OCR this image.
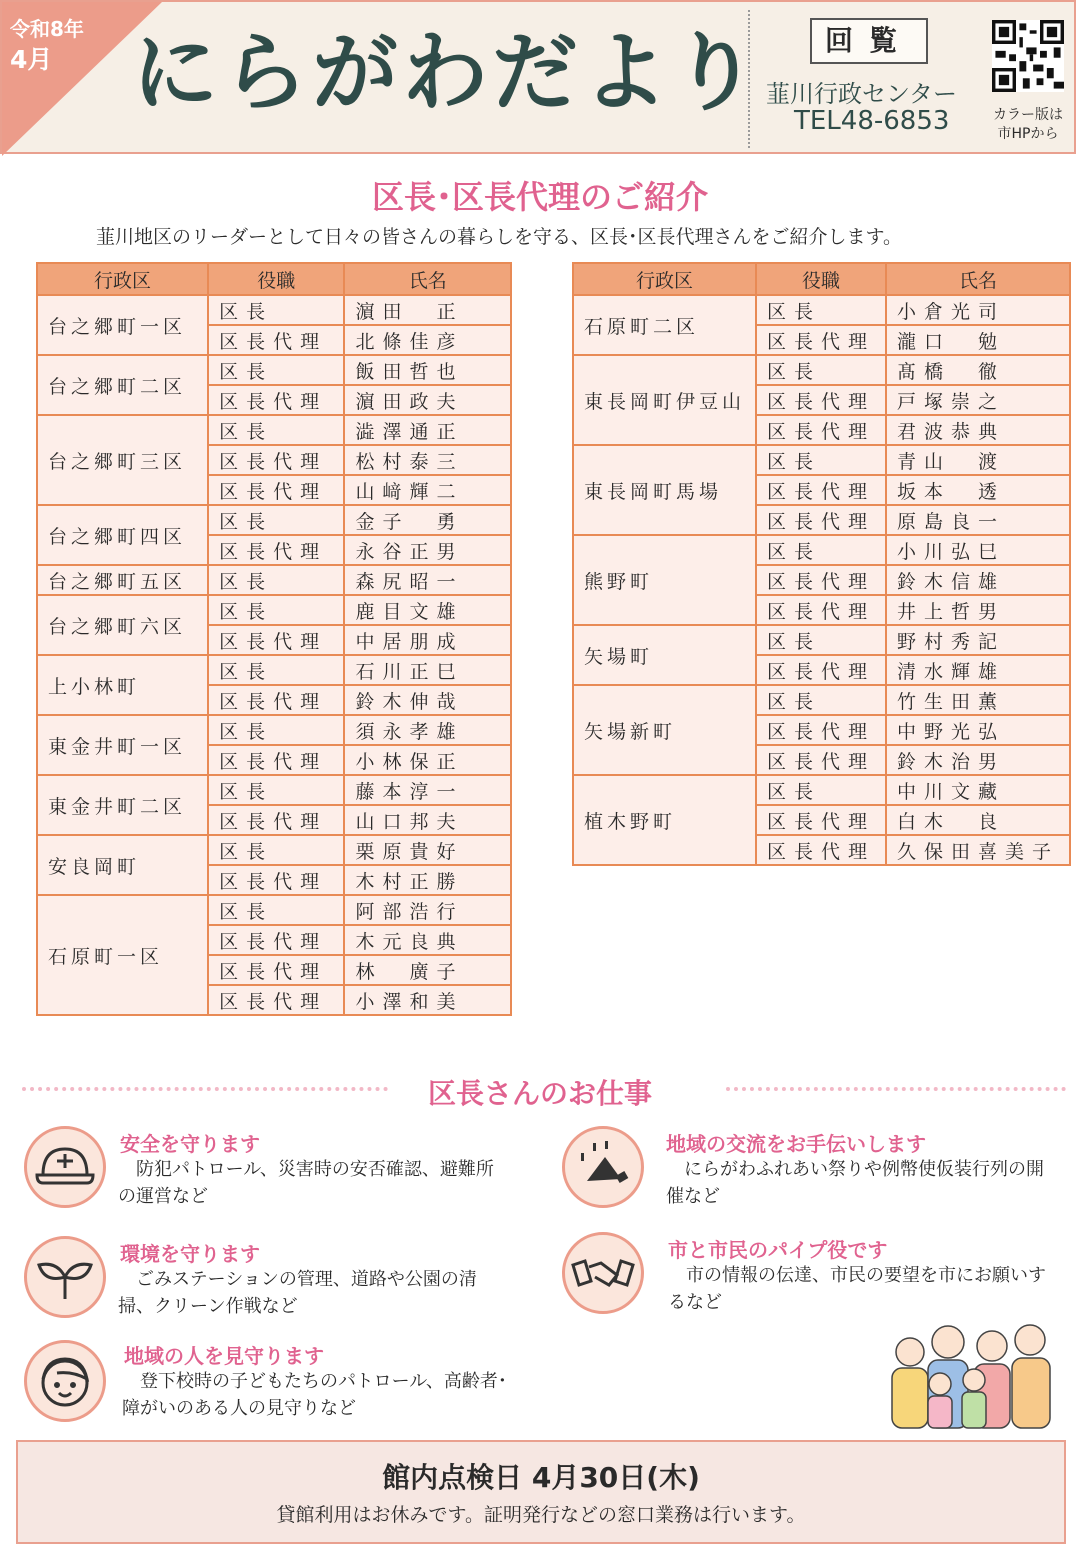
令和8年
4月 にらがわだより	回覧
韮川行政センター
TEL48-6853	カラー版は
市HPから
区長･区長代理のご紹介
韮川地区のリーダーとして日々の皆さんの暮らしを守る、区長･区長代理さんをご紹介します。
行政区	役職	氏名
台之郷町一区	区長	濵田　正
	区長代理	北條佳彦
台之郷町二区	区長	飯田哲也
	区長代理	濵田政夫
台之郷町三区	区長	澁澤通正
	区長代理	松村泰三
	区長代理	山﨑輝二
台之郷町四区	区長	金子　勇
	区長代理	永谷正男
台之郷町五区	区長	森尻昭一
台之郷町六区	区長	鹿目文雄
	区長代理	中居朋成
上小林町	区長	石川正巳
	区長代理	鈴木伸哉
東金井町一区	区長	須永孝雄
	区長代理	小林保正
東金井町二区	区長	藤本淳一
	区長代理	山口邦夫
安良岡町	区長	栗原貴好
	区長代理	木村正勝
石原町一区	区長	阿部浩行
	区長代理	木元良典
	区長代理	林　廣子
	区長代理	小澤和美
行政区	役職	氏名
石原町二区	区長	小倉光司
	区長代理	瀧口　勉
東長岡町伊豆山	区長	髙橋　徹
	区長代理	戸塚崇之
	区長代理	君波恭典
東長岡町馬場	区長	青山　渡
	区長代理	坂本　透
	区長代理	原島良一
熊野町	区長	小川弘巳
	区長代理	鈴木信雄
	区長代理	井上哲男
矢場町	区長	野村秀記
	区長代理	清水輝雄
矢場新町	区長	竹生田薫
	区長代理	中野光弘
	区長代理	鈴木治男
植木野町	区長	中川文藏
	区長代理	白木　良
	区長代理	久保田喜美子
区長さんのお仕事
安全を守ります
　防犯パトロール、災害時の安否確認、避難所の運営など
地域の交流をお手伝いします
　にらがわふれあい祭りや例幣使仮装行列の開催など
環境を守ります
　ごみステーションの管理、道路や公園の清掃、クリーン作戦など
市と市民のパイプ役です
　市の情報の伝達、市民の要望を市にお願いするなど
地域の人を見守ります
　登下校時の子どもたちのパトロール、高齢者･障がいのある人の見守りなど
館内点検日 4月30日(木)
貸館利用はお休みです。証明発行などの窓口業務は行います。
